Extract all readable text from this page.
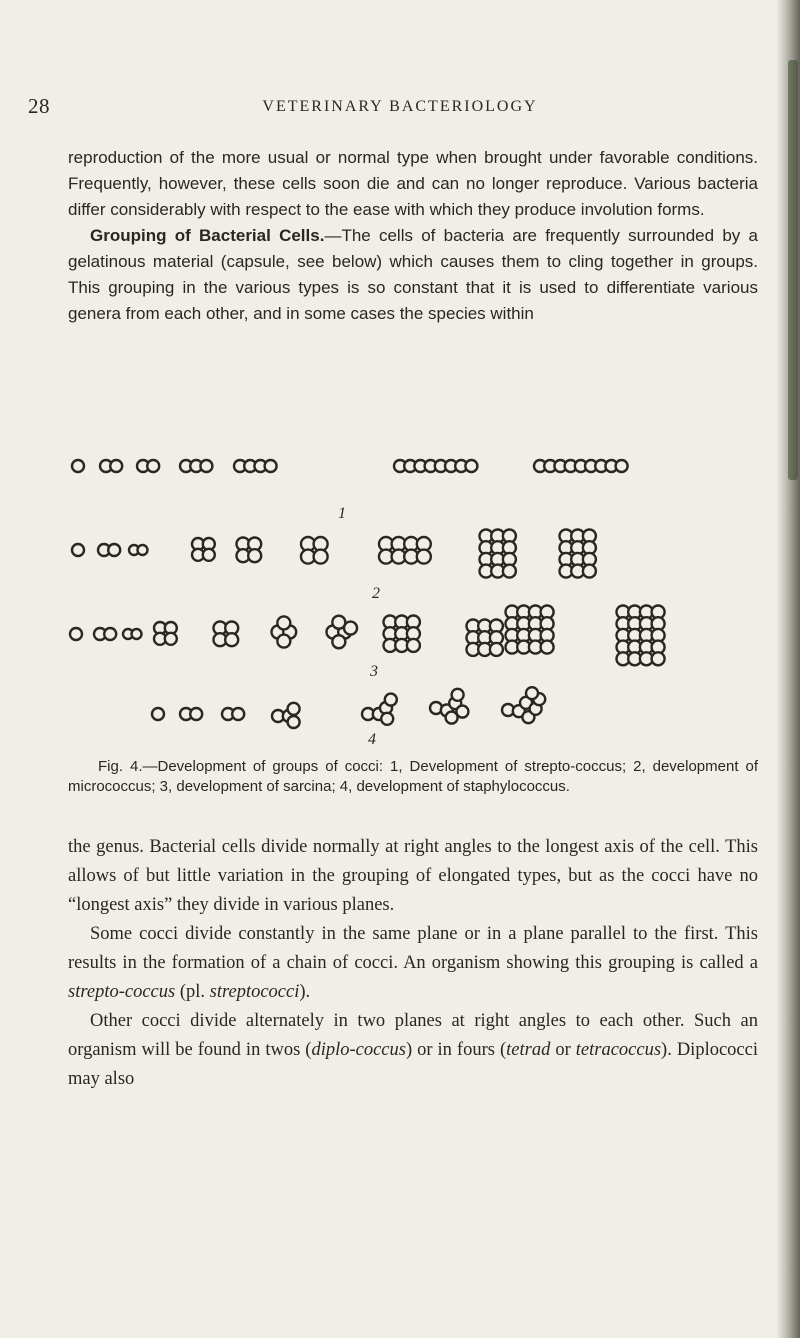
28	VETERINARY BACTERIOLOGY

reproduction of the more usual or normal type when brought under favorable conditions. Frequently, however, these cells soon die and can no longer reproduce. Various bacteria differ considerably with respect to the ease with which they produce involution forms.

Grouping of Bacterial Cells.—The cells of bacteria are frequently surrounded by a gelatinous material (capsule, see below) which causes them to cling together in groups. This grouping in the various types is so constant that it is used to differentiate various genera from each other, and in some cases the species within

1
2
3
4
Fig. 4.—Development of groups of cocci: 1, Development of strepto-coccus; 2, development of micrococcus; 3, development of sarcina; 4, development of staphylococcus.

the genus. Bacterial cells divide normally at right angles to the longest axis of the cell. This allows of but little variation in the grouping of elongated types, but as the cocci have no “longest axis” they divide in various planes.

Some cocci divide constantly in the same plane or in a plane parallel to the first. This results in the formation of a chain of cocci. An organism showing this grouping is called a strepto-coccus (pl. streptococci).

Other cocci divide alternately in two planes at right angles to each other. Such an organism will be found in twos (diplo-coccus) or in fours (tetrad or tetracoccus). Diplococci may also
